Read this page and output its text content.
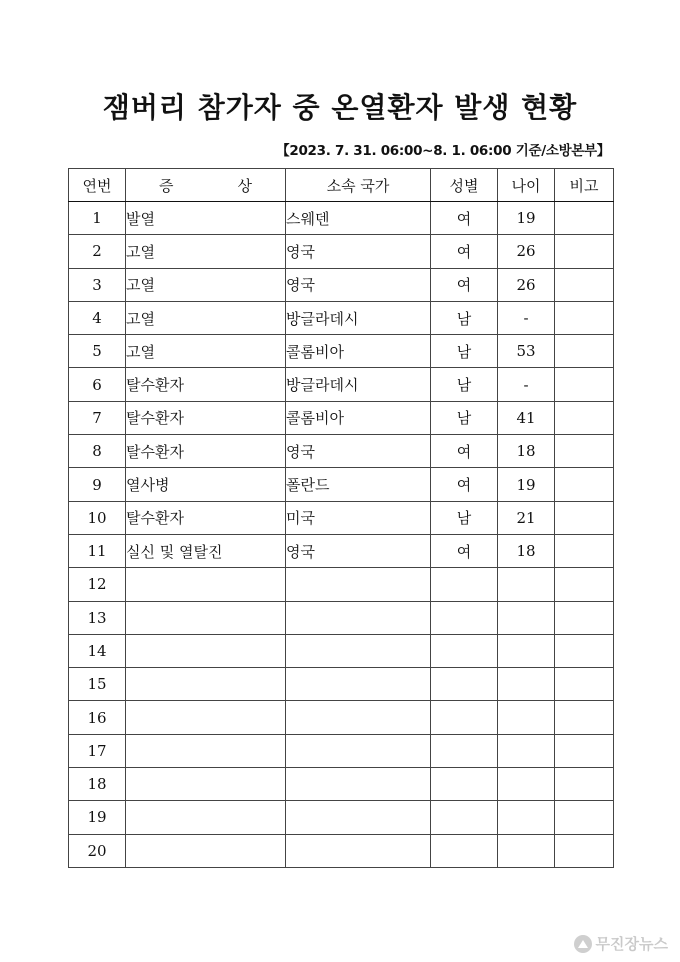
잼버리 참가자 중 온열환자 발생 현황
【2023. 7. 31. 06:00~8. 1. 06:00 기준/소방본부】
연번	증 상	소속 국가	성별	나이	비고
1	발열	스웨덴	여	19	
2	고열	영국	여	26	
3	고열	영국	여	26	
4	고열	방글라데시	남	-	
5	고열	콜롬비아	남	53	
6	탈수환자	방글라데시	남	-	
7	탈수환자	콜롬비아	남	41	
8	탈수환자	영국	여	18	
9	열사병	폴란드	여	19	
10	탈수환자	미국	남	21	
11	실신 및 열탈진	영국	여	18	
12					
13					
14					
15					
16					
17					
18					
19					
20					
무진장뉴스
